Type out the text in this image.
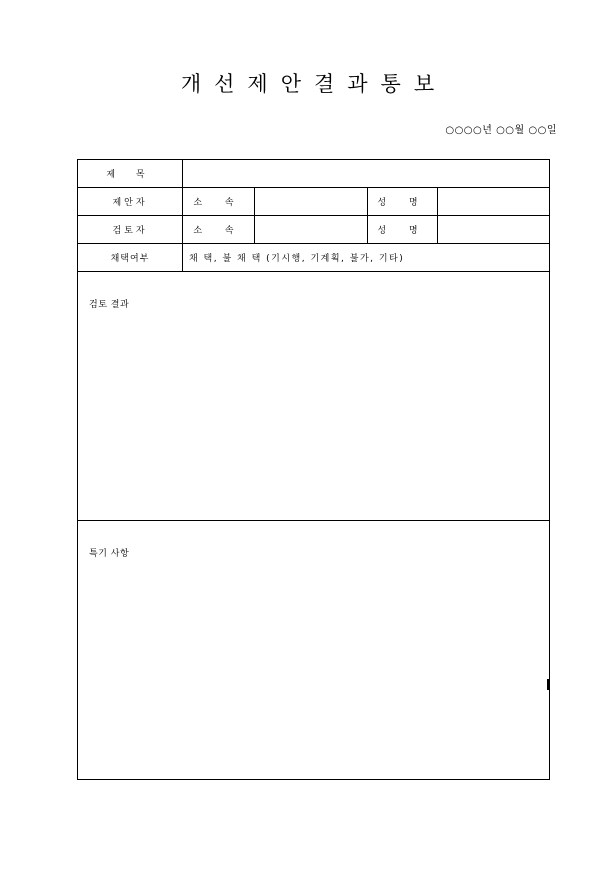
개선제안결과통보
○○○○년 ○○월 ○○일
제 목				
제안자	소 속		성 명	
검토자	소 속		성 명	
채택여부	채 택, 불 채 택 (기시행, 기계획, 불가, 기타)			
검토 결과				
특기 사항				
